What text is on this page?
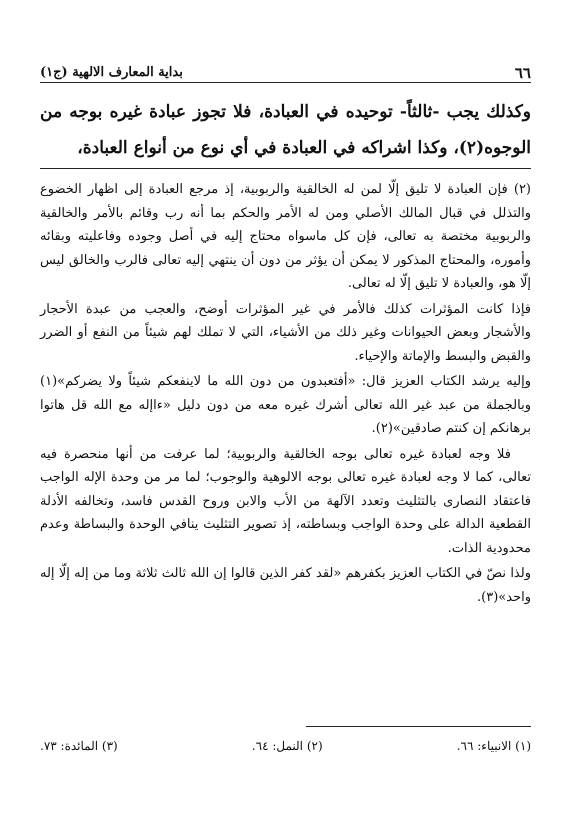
٦٦
بداية المعارف الالهية (ج١)

وكذلك يجب -ثالثاً- توحيده في العبادة، فلا تجوز عبادة غيره بوجه من الوجوه(٢)، وكذا اشراكه في العبادة في أي نوع من أنواع العبادة،

(٢) فإن العبادة لا تليق إلّا لمن له الخالقية والربوبية، إذ مرجع العبادة إلى اظهار الخضوع والتذلل في قبال المالك الأصلي ومن له الأمر والحكم بما أنه رب وقائم بالأمر والخالقية والربوبية مختصة به تعالى، فإن كل ماسواه محتاج إليه في أصل وجوده وفاعليته وبقائه وأموره، والمحتاج المذكور لا يمكن أن يؤثر من دون أن ينتهي إليه تعالى فالرب والخالق ليس إلّا هو، والعبادة لا تليق إلّا له تعالى.

فإذا كانت المؤثرات كذلك فالأمر في غير المؤثرات أوضح، والعجب من عبدة الأحجار والأشجار وبعض الحيوانات وغير ذلك من الأشياء، التي لا تملك لهم شيئاً من النفع أو الضرر والقبض والبسط والإماتة والإحياء.

وإليه يرشد الكتاب العزيز قال: «أفتعبدون من دون الله ما لاينفعكم شيئاً ولا يضركم»(١) وبالجملة من عبد غير الله تعالى أشرك غيره معه من دون دليل «ءاإله مع الله قل هاتوا برهانكم إن كنتم صادقين»(٢).

فلا وجه لعبادة غيره تعالى بوجه الخالقية والربوبية؛ لما عرفت من أنها منحصرة فيه تعالى، كما لا وجه لعبادة غيره تعالى بوجه الالوهية والوجوب؛ لما مر من وحدة الإله الواجب فاعتقاد النصارى بالتثليث وتعدد الآلهة من الأب والابن وروح القدس فاسد، وتخالفه الأدلة القطعية الدالة على وحدة الواجب وبساطته، إذ تصوير التثليث ينافي الوحدة والبساطة وعدم محدودية الذات.

ولذا نصّ في الكتاب العزيز بكفرهم «لقد كفر الذين قالوا إن الله ثالث ثلاثة وما من إله إلّا إله واحد»(٣).

(١) الانبياء: ٦٦.
(٢) النمل: ٦٤.
(٣) المائدة: ٧٣.
